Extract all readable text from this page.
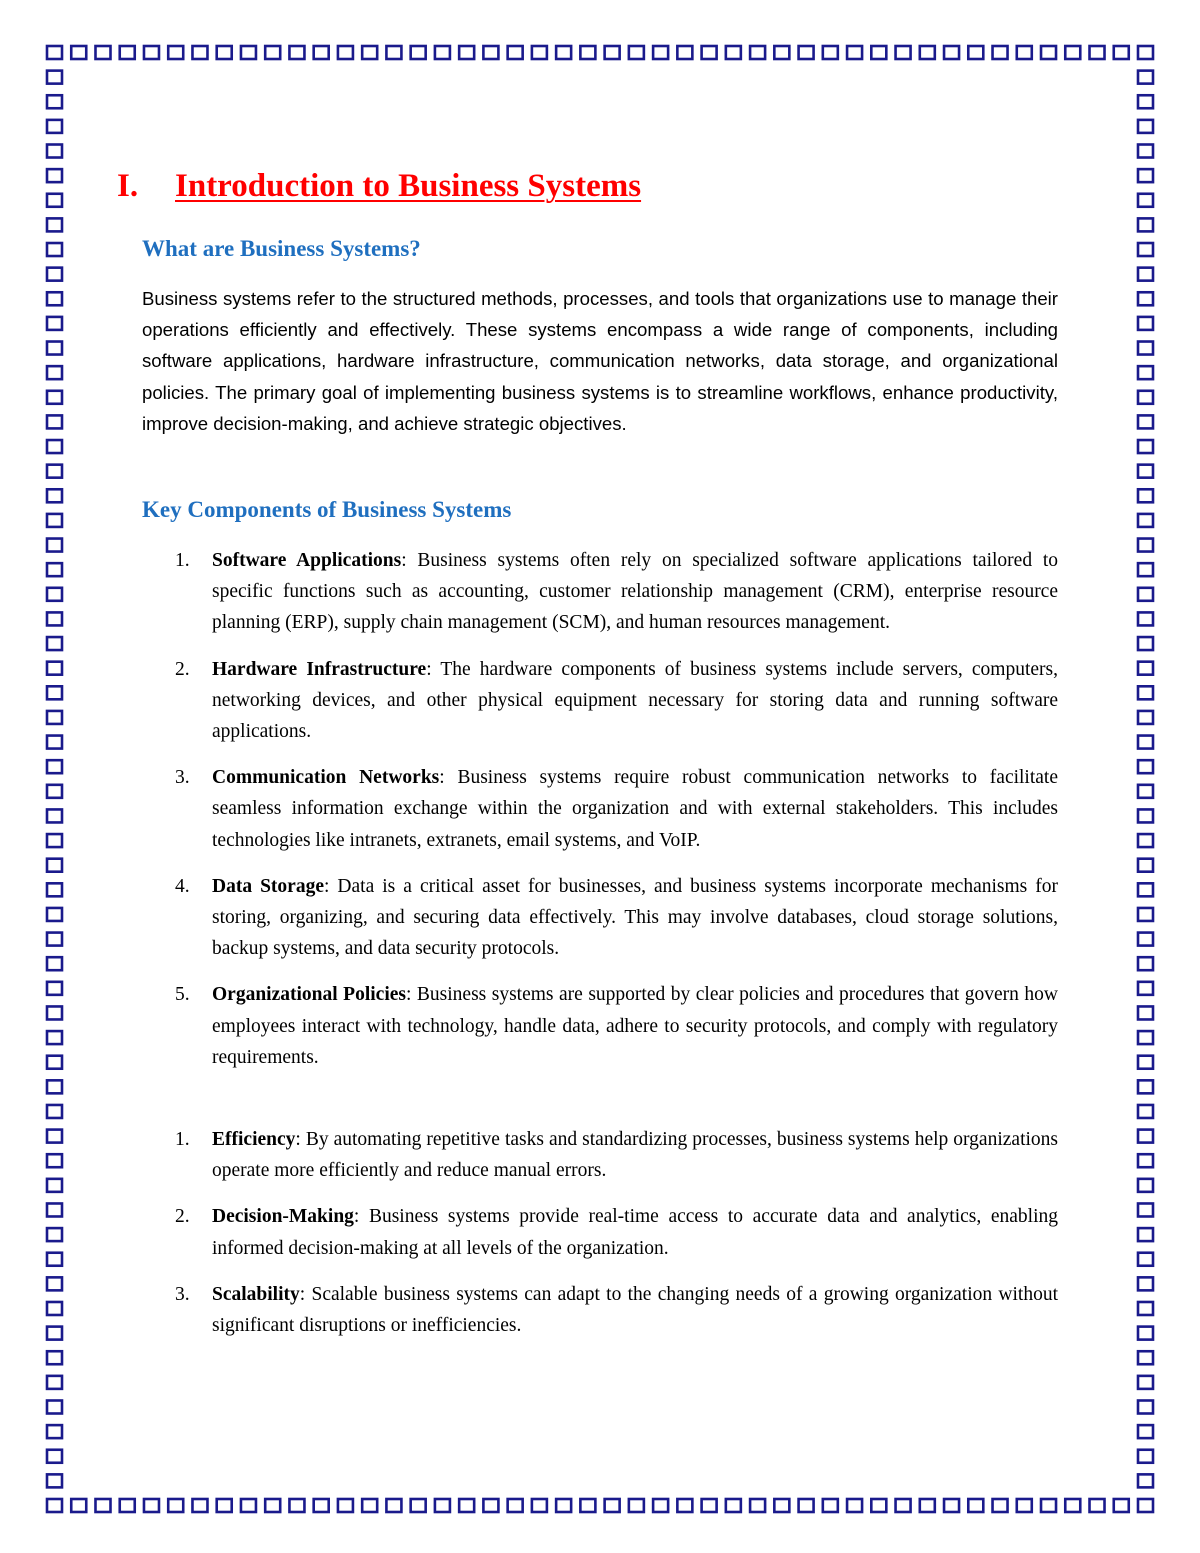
I. Introduction to Business Systems
What are Business Systems?

Business systems refer to the structured methods, processes, and tools that organizations use to manage their operations efficiently and effectively. These systems encompass a wide range of components, including software applications, hardware infrastructure, communication networks, data storage, and organizational policies. The primary goal of implementing business systems is to streamline workflows, enhance productivity, improve decision-making, and achieve strategic objectives.

Key Components of Business Systems
1. Software Applications: Business systems often rely on specialized software applications tailored to specific functions such as accounting, customer relationship management (CRM), enterprise resource planning (ERP), supply chain management (SCM), and human resources management.
2. Hardware Infrastructure: The hardware components of business systems include servers, computers, networking devices, and other physical equipment necessary for storing data and running software applications.
3. Communication Networks: Business systems require robust communication networks to facilitate seamless information exchange within the organization and with external stakeholders. This includes technologies like intranets, extranets, email systems, and VoIP.
4. Data Storage: Data is a critical asset for businesses, and business systems incorporate mechanisms for storing, organizing, and securing data effectively. This may involve databases, cloud storage solutions, backup systems, and data security protocols.
5. Organizational Policies: Business systems are supported by clear policies and procedures that govern how employees interact with technology, handle data, adhere to security protocols, and comply with regulatory requirements.
1. Efficiency: By automating repetitive tasks and standardizing processes, business systems help organizations operate more efficiently and reduce manual errors.
2. Decision-Making: Business systems provide real-time access to accurate data and analytics, enabling informed decision-making at all levels of the organization.
3. Scalability: Scalable business systems can adapt to the changing needs of a growing organization without significant disruptions or inefficiencies.
